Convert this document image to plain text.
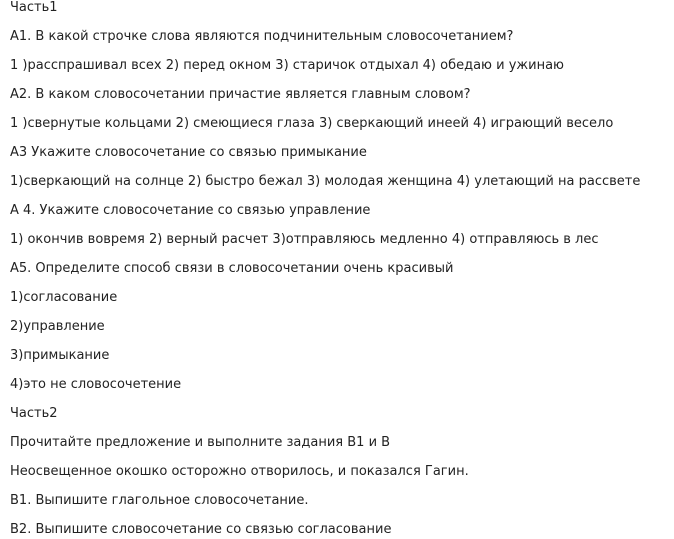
Часть1
А1. В какой строчке слова являются подчинительным словосочетанием?
1 )расспрашивал всех 2) перед окном 3) старичок отдыхал 4) обедаю и ужинаю
А2. В каком словосочетании причастие является главным словом?
1 )свернутые кольцами 2) смеющиеся глаза 3) сверкающий инеей 4) играющий весело
А3 Укажите словосочетание со связью примыкание
1)сверкающий на солнце 2) быстро бежал 3) молодая женщина 4) улетающий на рассвете
А 4. Укажите словосочетание со связью управление
1) окончив вовремя 2) верный расчет 3)отправляюсь медленно 4) отправляюсь в лес
А5. Определите способ связи в словосочетании очень красивый
1)согласование
2)управление
3)примыкание
4)это не словосочетение
Часть2
Прочитайте предложение и выполните задания В1 и В
Неосвещенное окошко осторожно отворилось, и показался Гагин.
В1. Выпишите глагольное словосочетание.
В2. Выпишите словосочетание со связью согласование
